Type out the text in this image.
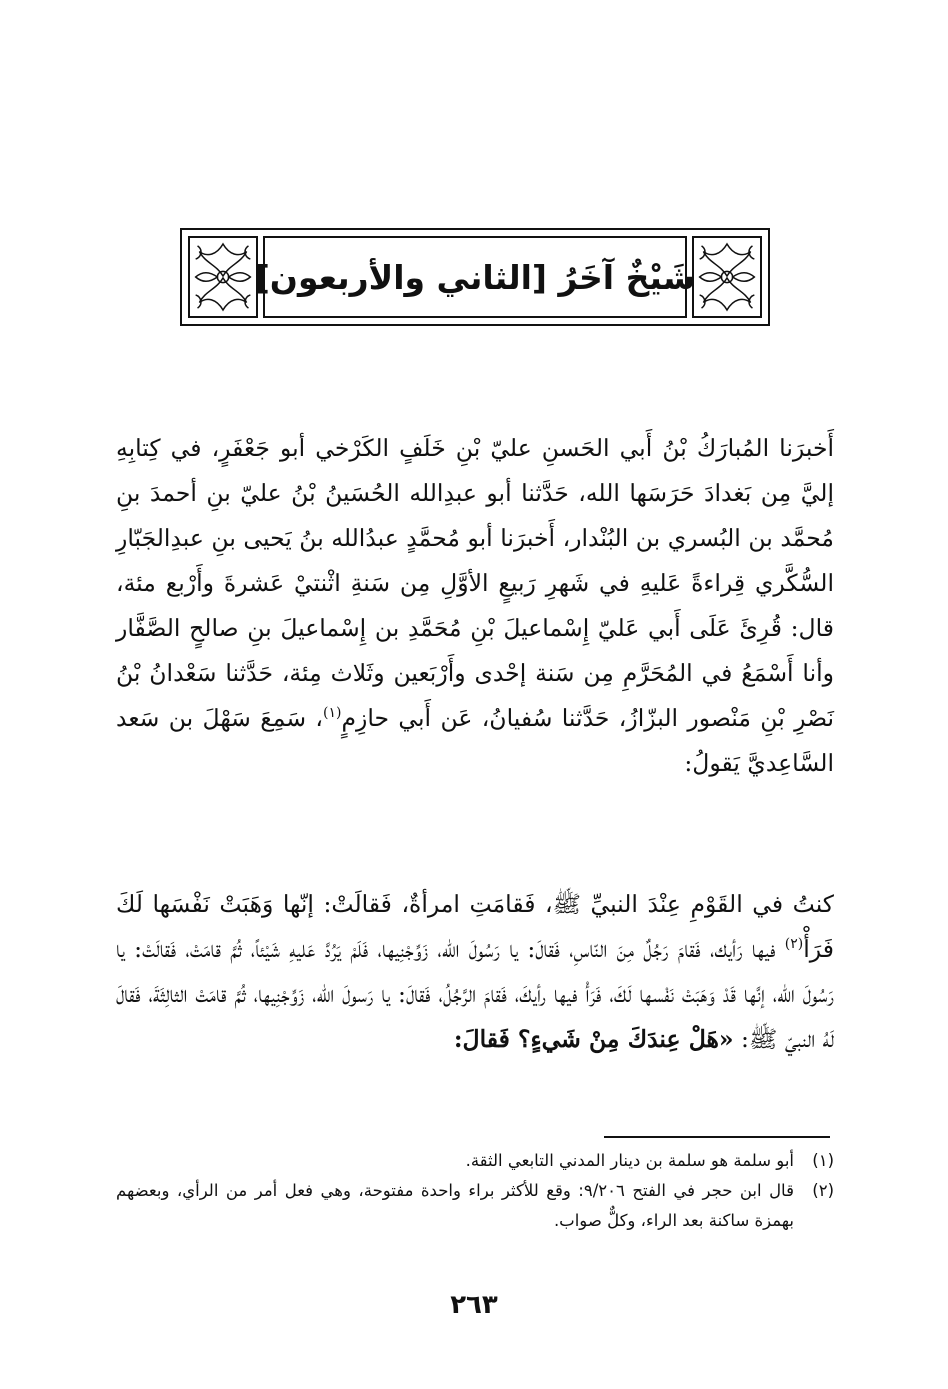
شَيْخٌ آخَرُ [الثاني والأربعون]

أَخبرَنا المُبارَكُ بْنُ أَبي الحَسنِ عليّ بْنِ خَلَفٍ الكَرْخي أبو جَعْفَرٍ، في كِتابِهِ إليَّ مِن بَغدادَ حَرَسَها الله، حَدَّثنا أبو عبدِالله الحُسَينُ بْنُ عليّ بنِ أحمدَ بنِ مُحمَّد بن البُسري بن البُنْدار، أَخبرَنا أبو مُحمَّدٍ عبدُالله بنُ يَحيى بنِ عبدِالجَبّارِ السُّكَّري قِراءةً عَليهِ في شَهرِ رَبيعٍ الأوَّلِ مِن سَنةِ اثْنتيْ عَشرةَ وأَرْبع مئة، قال: قُرِئَ عَلَى أَبي عَليّ إِسْماعيلَ بْنِ مُحَمَّدِ بن إِسْماعيلَ بنِ صالحٍ الصَّفَّار وأنا أَسْمَعُ في المُحَرَّمِ مِن سَنة إحْدى وأَرْبَعين وثَلاث مِئة، حَدَّثنا سَعْدانُ بْنُ نَصْرِ بْنِ مَنْصور البزّازُ، حَدَّثنا سُفيانُ، عَن أَبي حازِمٍ$^{(١)}$، سَمِعَ سَهْلَ بن سَعد السَّاعِديَّ يَقولُ:

كنتُ في القَوْمِ عِنْدَ النبيِّ ﷺ، فَقامَتِ امرأةٌ، فَقالَتْ: إنّها وَهَبَتْ نَفْسَها لَكَ فَرَأْ$^{(٢)}$ فيها رَأيك، فَقامَ رَجُلٌ مِنَ النّاسِ، فَقالَ: يا رَسُولَ الله، زَوِّجْنِيها، فَلَمْ يَرُدَّ عَليهِ شَيْئاً، ثُمَّ قامَتْ، فَقالَتْ: يا رَسُولَ الله، إنَّها قَدْ وَهَبَتْ نَفْسها لَكَ، فَرَأْ فيها رأيكَ، فَقامَ الرَّجُلُ، فَقالَ: يا رَسولَ الله، زَوِّجْنِيها، ثُمَّ قامَتْ الثالِثَةَ، فَقالَ لَهُ النبيّ ﷺ: «هَلْ عِندَكَ مِنْ شَيءٍ؟ فَقالَ:

(١)
أبو سلمة هو سلمة بن دينار المدني التابعي الثقة.
(٢)
قال ابن حجر في الفتح ٩/٢٠٦: وقع للأكثر براء واحدة مفتوحة، وهي فعل أمر من الرأي، وبعضهم بهمزة ساكنة بعد الراء، وكلٌّ صواب.
٢٦٣
